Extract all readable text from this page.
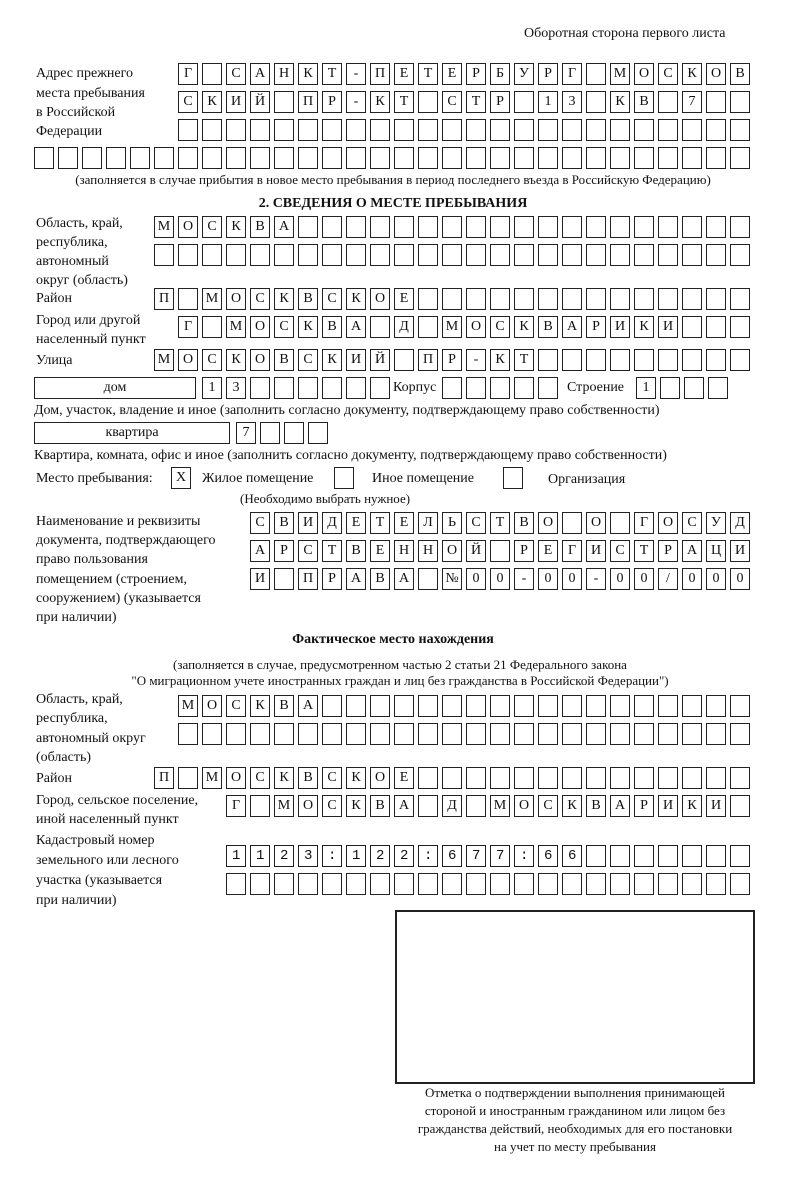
Оборотная сторона первого листа
Адрес прежнего
места пребывания
в Российской
Федерации
Г	С	А Н	К	Т	-	П	Е	Т	Е	Р	Б	У	Р	Г	М О	С	К	О	В
С	К	И Й	П	Р	-	К	Т	С	Т	Р	1	3	К	В	7
(заполняется в случае прибытия в новое место пребывания в период последнего въезда в Российскую Федерацию)
2. СВЕДЕНИЯ О МЕСТЕ ПРЕБЫВАНИЯ
Область, край,
республика,
автономный
округ (область)
М О	С	К	В	А
Район	П	М О	С	К	В	С	К	О	Е
Город или другой
населенный пункт
Г	М О	С	К	В	А	Д	М О	С	К	В	А	Р	И	К	И
Улица	М О	С	К	О	В	С	К	И Й	П	Р	-	К	Т
дом	1	3	Корпус	Строение	1
Дом, участок, владение и иное (заполнить согласно документу, подтверждающему право собственности)
квартира	7
Квартира, комната, офис и иное (заполнить согласно документу, подтверждающему право собственности)
Место пребывания:	X	Жилое помещение	Иное помещение	Организация
(Необходимо выбрать нужное)
Наименование и реквизиты
документа, подтверждающего
право пользования
помещением (строением,
сооружением) (указывается
при наличии)
С	В	И	Д	Е	Т	Е	Л	Ь	С	Т	В	О	О	Г	О	С	У	Д
А	Р	С	Т	В	Е	Н Н О Й	Р	Е	Г	И	С	Т	Р	А Ц И
И	П	Р	А	В	А	№ 0	0	-	0	0	-	0	0	/	0	0	0
Фактическое место нахождения
(заполняется в случае, предусмотренном частью 2 статьи 21 Федерального закона
"О миграционном учете иностранных граждан и лиц без гражданства в Российской Федерации")
Область, край,
республика,
автономный округ
(область)
М О	С	К	В	А
Район	П	М О	С	К	В	С	К	О	Е
Город, сельское поселение,
иной населенный пункт
Г	М О	С	К	В	А	Д	М О	С	К	В	А	Р	И	К	И
Кадастровый номер
земельного или лесного
участка (указывается
при наличии)
1123:122:677:66
Отметка о подтверждении выполнения принимающей
стороной и иностранным гражданином или лицом без
гражданства действий, необходимых для его постановки
на учет по месту пребывания
